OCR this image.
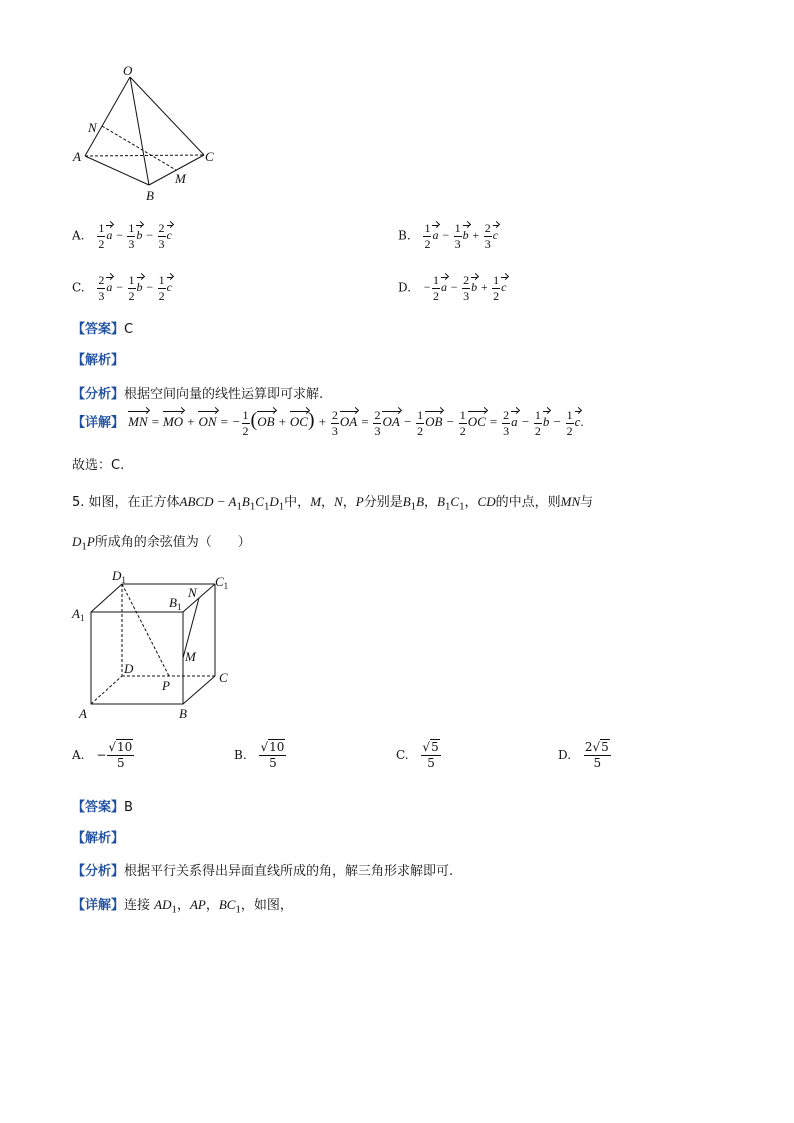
O
N
A	C
M
B
A. $\frac{1}{2}$ $a - \frac{1}{3}$ $b - \frac{2}{3}$ c	B. $\frac{1}{2}$ $a - \frac{1}{3}$ $b + \frac{2}{3}$ c
C. $\frac{2}{3}$ $a - \frac{1}{2}$ $b - \frac{1}{2}$ c	D. − $\frac{1}{2}$ $a - \frac{2}{3}$ $b + \frac{1}{2}$ c
【答案】C
【解析】
【分析】根据空间向量的线性运算即可求解.
【详解】 MN = MO + ON = − $\frac{1}{2} (OB + OC) + \frac{2}{3}$ OA = $\frac{2}{3}$ OA − $\frac{1}{2}$ OB − $\frac{1}{2}$ OC = $\frac{2}{3}$ $a - \frac{1}{2}$ $b - \frac{1}{2} c$.
故选：C.
5. 如图，在正方体ABCD − $A_1B_1C_1D_1$中，M，N，P分别是$B_1B$，$B_1C_1$，CD的中点，则MN与
$D_1P$所成角的余弦值为（　　）
$D_1$	$C_1$
$A_1$
$B_1$
N
M
D
P
C
A	B
A. − $\frac{√10}{5}$	B. $\frac{√10}{5}$	C. $\frac{√5}{5}$	D. $\frac{2√5}{5}$
【答案】B
【解析】
【分析】根据平行关系得出异面直线所成的角，解三角形求解即可.
【详解】连接 $AD_1$，AP，$BC_1$，如图，
